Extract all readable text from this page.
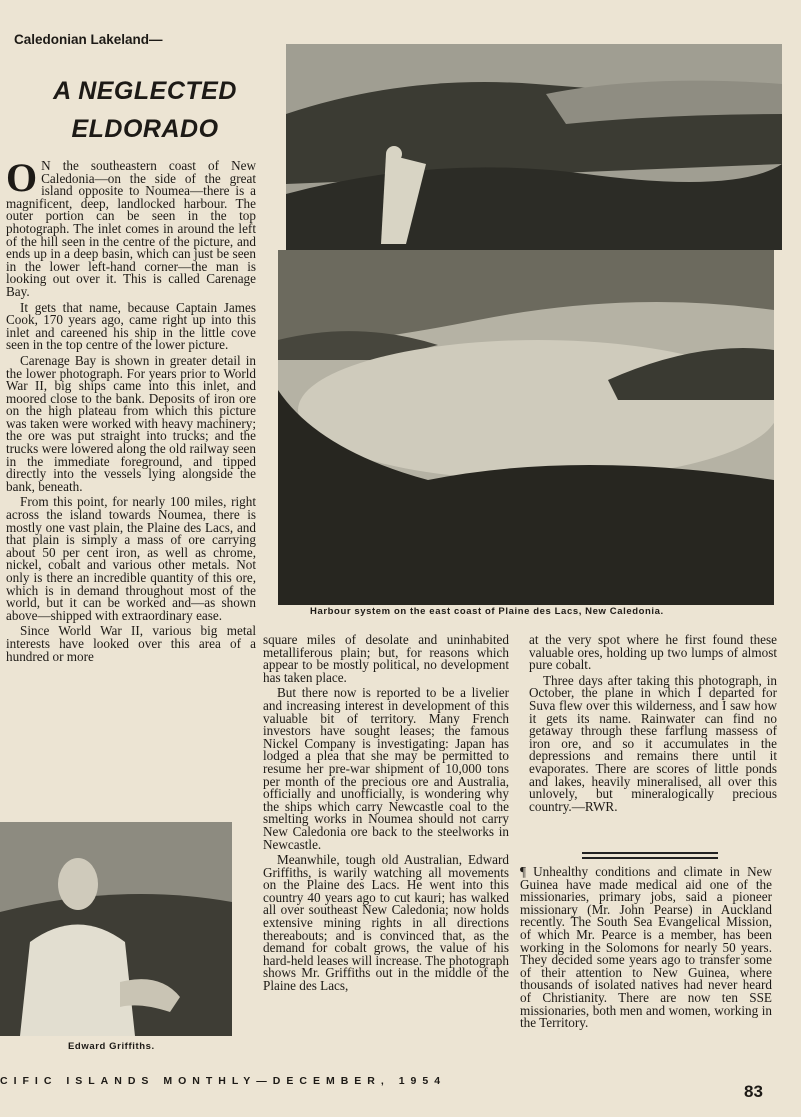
Caledonian Lakeland—
A NEGLECTED
ELDORADO

O N the southeastern coast of New Caledonia—on the side of the great island opposite to Noumea—there is a magnificent, deep, landlocked harbour. The outer portion can be seen in the top photograph. The inlet comes in around the left of the hill seen in the centre of the picture, and ends up in a deep basin, which can just be seen in the lower left-hand corner—the man is looking out over it. This is called Carenage Bay.

It gets that name, because Captain James Cook, 170 years ago, came right up into this inlet and careened his ship in the little cove seen in the top centre of the lower picture.

Carenage Bay is shown in greater detail in the lower photograph. For years prior to World War II, big ships came into this inlet, and moored close to the bank. Deposits of iron ore on the high plateau from which this picture was taken were worked with heavy machinery; the ore was put straight into trucks; and the trucks were lowered along the old railway seen in the immediate foreground, and tipped directly into the vessels lying alongside the bank, beneath.

From this point, for nearly 100 miles, right across the island towards Noumea, there is mostly one vast plain, the Plaine des Lacs, and that plain is simply a mass of ore carrying about 50 per cent iron, as well as chrome, nickel, cobalt and various other metals. Not only is there an incredible quantity of this ore, which is in demand throughout most of the world, but it can be worked and—as shown above—shipped with extraordinary ease.

Since World War II, various big metal interests have looked over this area of a hundred or more

Harbour system on the east coast of Plaine des Lacs, New Caledonia.

square miles of desolate and uninhabited metalliferous plain; but, for reasons which appear to be mostly political, no development has taken place.

But there now is reported to be a livelier and increasing interest in development of this valuable bit of territory. Many French investors have sought leases; the famous Nickel Company is investigating: Japan has lodged a plea that she may be permitted to resume her pre-war shipment of 10,000 tons per month of the precious ore and Australia, officially and unofficially, is wondering why the ships which carry Newcastle coal to the smelting works in Noumea should not carry New Caledonia ore back to the steelworks in Newcastle.

Meanwhile, tough old Australian, Edward Griffiths, is warily watching all movements on the Plaine des Lacs. He went into this country 40 years ago to cut kauri; has walked all over southeast New Caledonia; now holds extensive mining rights in all directions thereabouts; and is convinced that, as the demand for cobalt grows, the value of his hard-held leases will increase. The photograph shows Mr. Griffiths out in the middle of the Plaine des Lacs,

at the very spot where he first found these valuable ores, holding up two lumps of almost pure cobalt.

Three days after taking this photograph, in October, the plane in which I departed for Suva flew over this wilderness, and I saw how it gets its name. Rainwater can find no getaway through these farflung massess of iron ore, and so it accumulates in the depressions and remains there until it evaporates. There are scores of little ponds and lakes, heavily mineralised, all over this unlovely, but mineralogically precious country.—RWR.

¶ Unhealthy conditions and climate in New Guinea have made medical aid one of the missionaries, primary jobs, said a pioneer missionary (Mr. John Pearse) in Auckland recently. The South Sea Evangelical Mission, of which Mr. Pearce is a member, has been working in the Solomons for nearly 50 years. They decided some years ago to transfer some of their attention to New Guinea, where thousands of isolated natives had never heard of Christianity. There are now ten SSE missionaries, both men and women, working in the Territory.

Edward Griffiths.
CIFIC ISLANDS MONTHLY—DECEMBER, 1954
83
